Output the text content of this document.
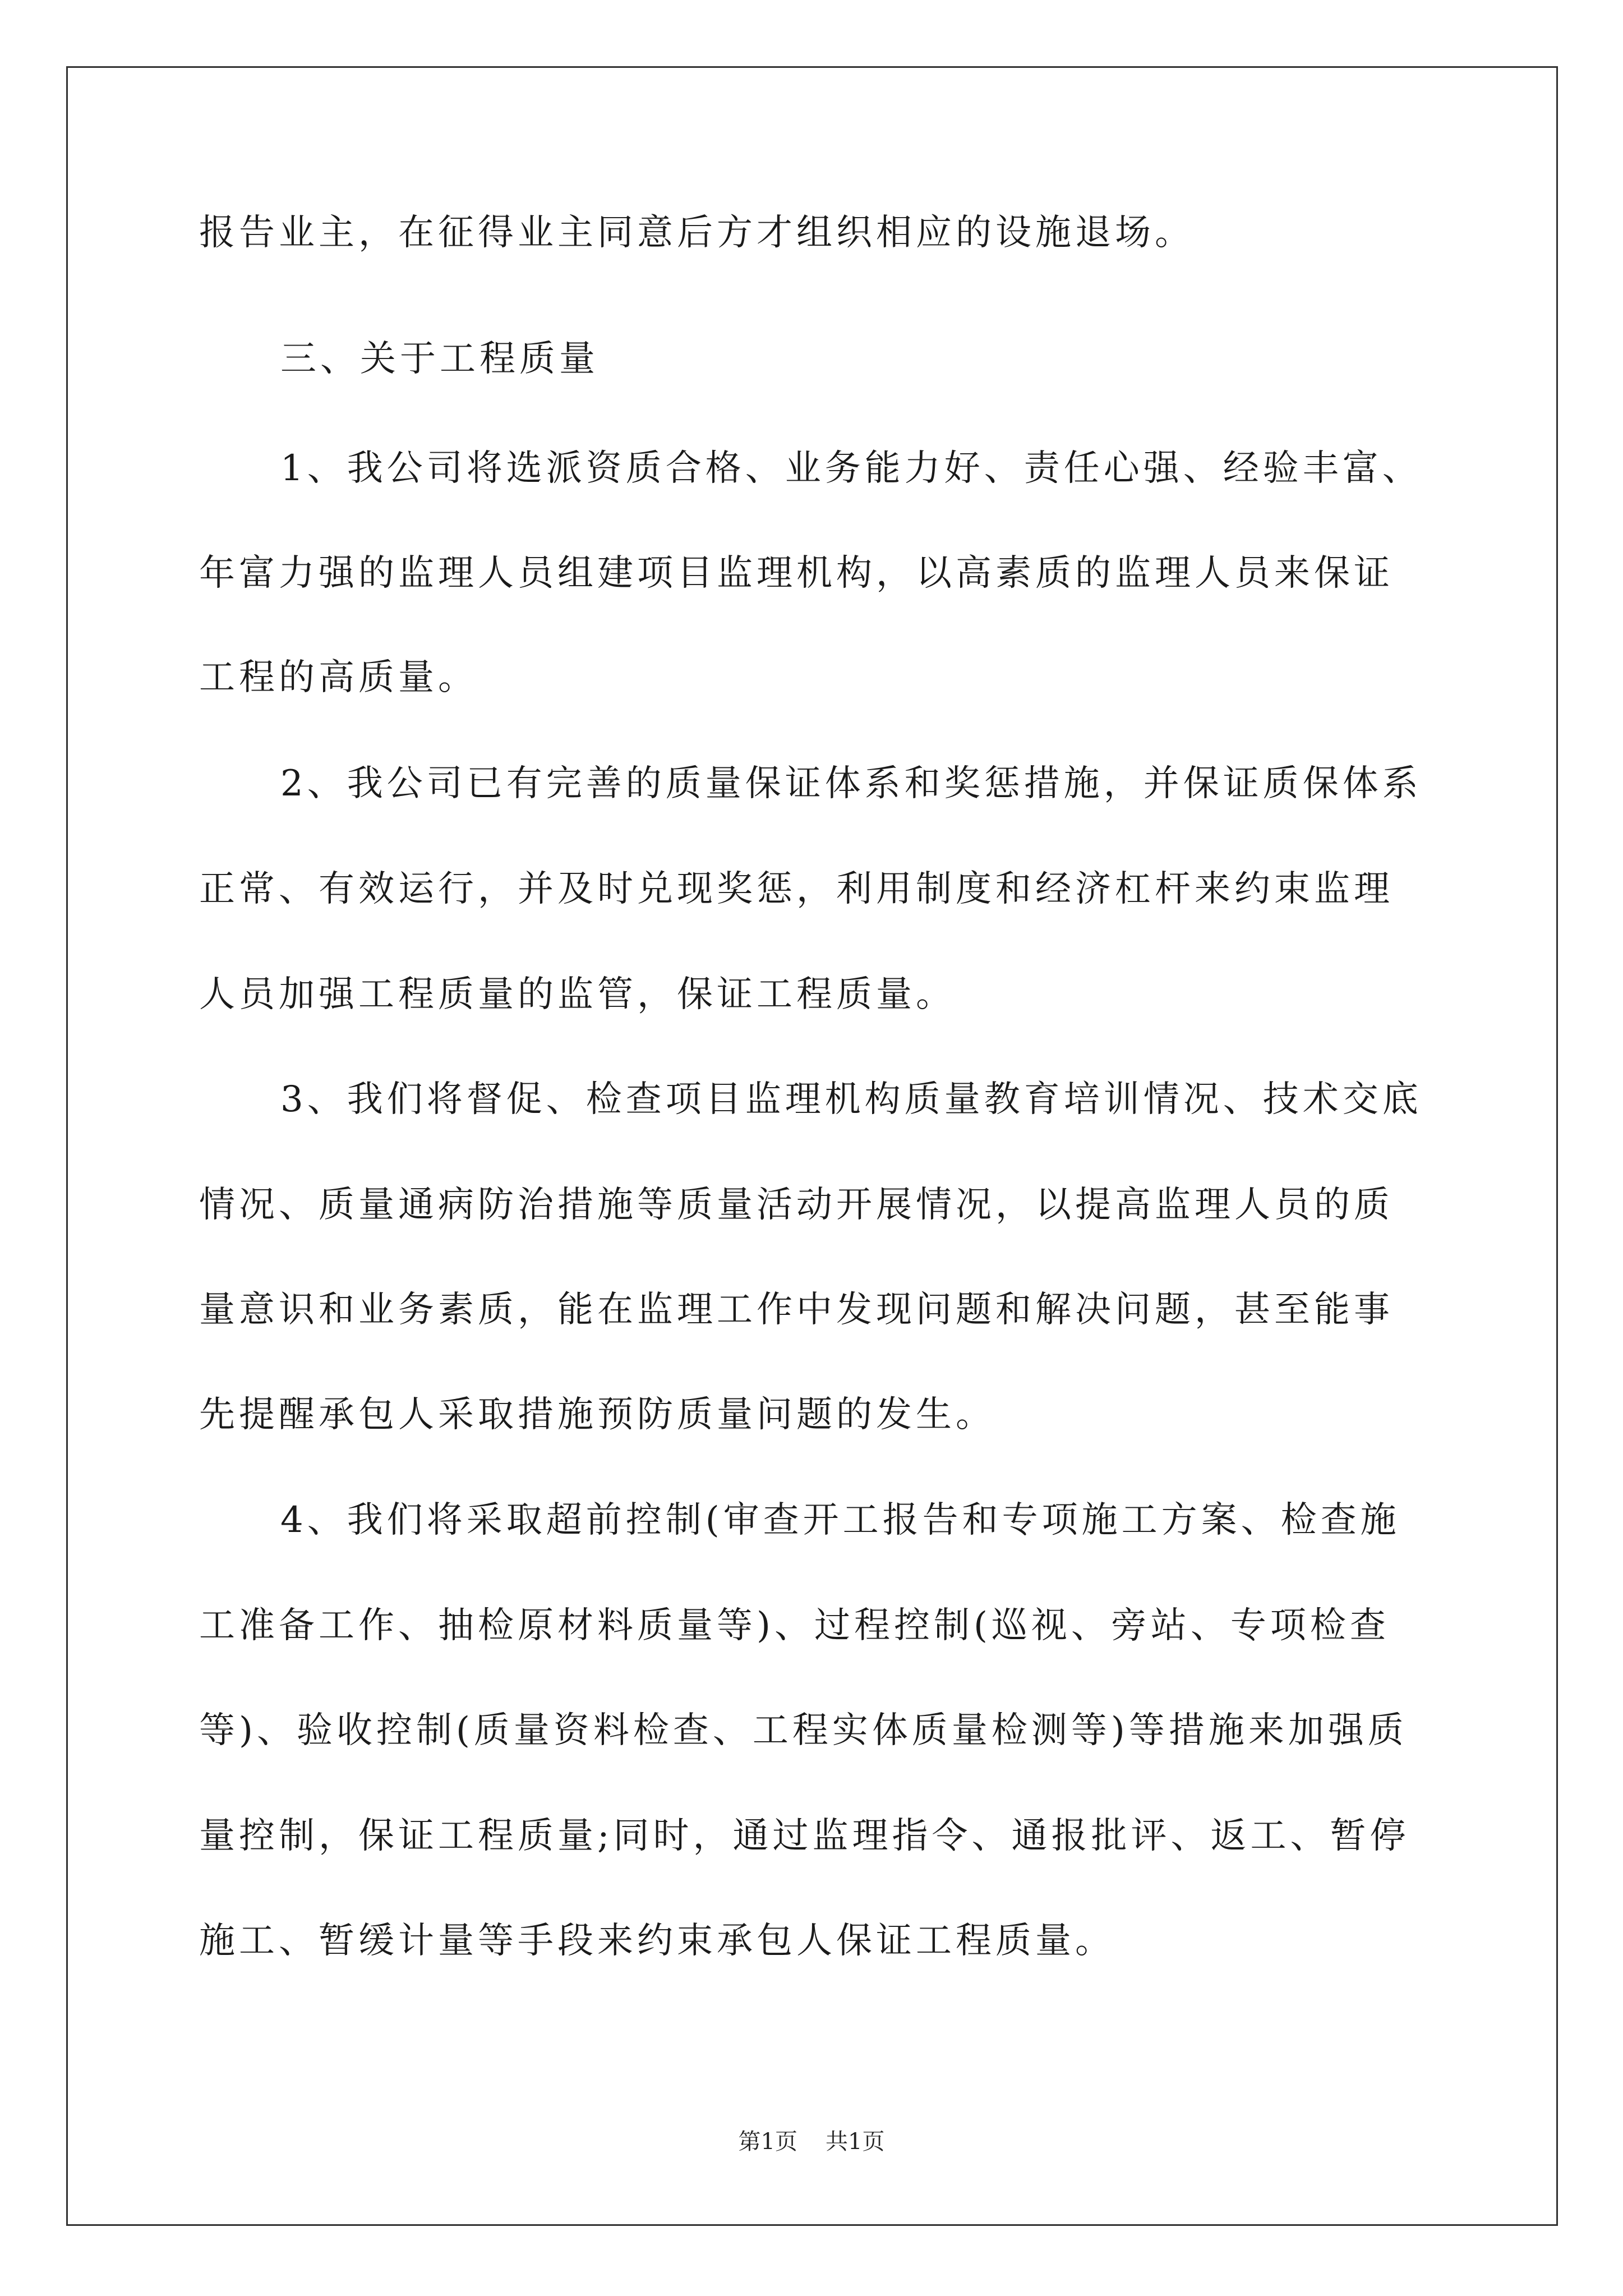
报告业主，在征得业主同意后方才组织相应的设施退场。
三、关于工程质量
1、我公司将选派资质合格、业务能力好、责任心强、经验丰富、
年富力强的监理人员组建项目监理机构，以高素质的监理人员来保证
工程的高质量。
2、我公司已有完善的质量保证体系和奖惩措施，并保证质保体系
正常、有效运行，并及时兑现奖惩，利用制度和经济杠杆来约束监理
人员加强工程质量的监管，保证工程质量。
3、我们将督促、检查项目监理机构质量教育培训情况、技术交底
情况、质量通病防治措施等质量活动开展情况，以提高监理人员的质
量意识和业务素质，能在监理工作中发现问题和解决问题，甚至能事
先提醒承包人采取措施预防质量问题的发生。
4、我们将采取超前控制(审查开工报告和专项施工方案、检查施
工准备工作、抽检原材料质量等)、过程控制(巡视、旁站、专项检查
等)、验收控制(质量资料检查、工程实体质量检测等)等措施来加强质
量控制，保证工程质量;同时，通过监理指令、通报批评、返工、暂停
施工、暂缓计量等手段来约束承包人保证工程质量。
第1页 共1页
